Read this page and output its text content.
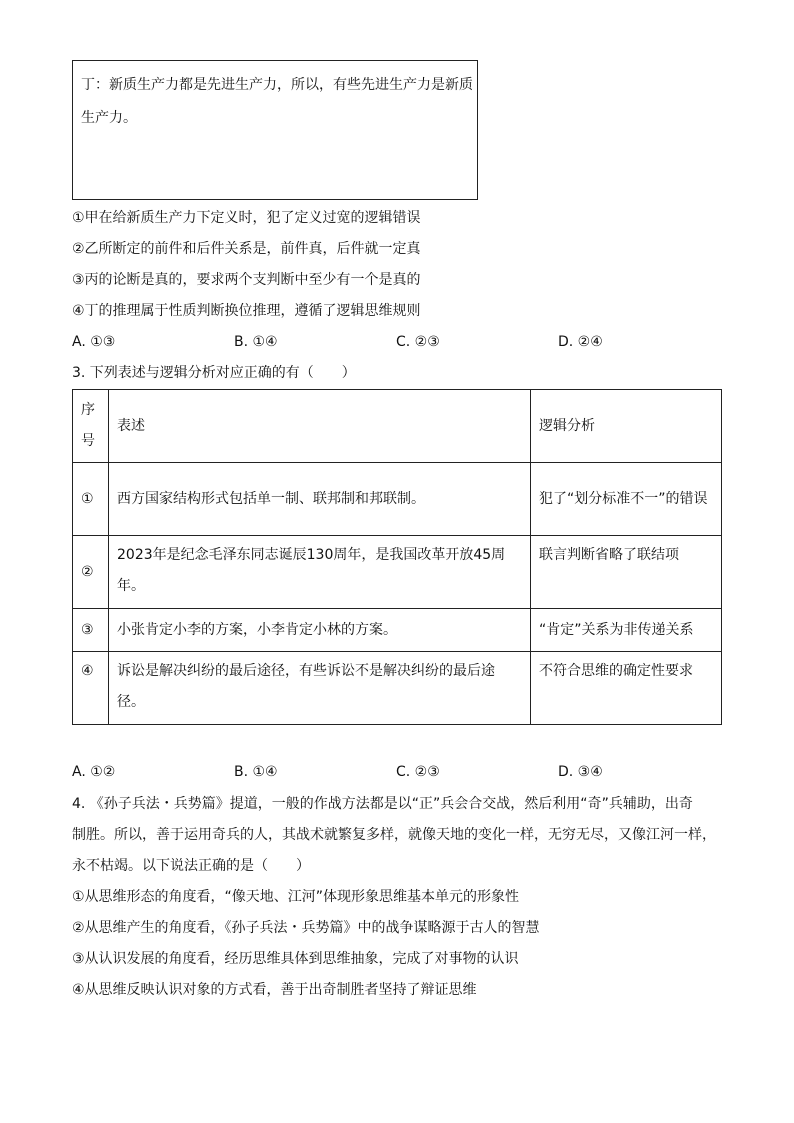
丁：新质生产力都是先进生产力，所以，有些先进生产力是新质生产力。
①甲在给新质生产力下定义时，犯了定义过宽的逻辑错误
②乙所断定的前件和后件关系是，前件真，后件就一定真
③丙的论断是真的，要求两个支判断中至少有一个是真的
④丁的推理属于性质判断换位推理，遵循了逻辑思维规则
A. ①③	B. ①④	C. ②③	D. ②④
3. 下列表述与逻辑分析对应正确的有（　　）
序号	表述	逻辑分析
①	西方国家结构形式包括单一制、联邦制和邦联制。	犯了“划分标准不一”的错误
②	2023年是纪念毛泽东同志诞辰130周年，是我国改革开放45周年。	联言判断省略了联结项
③	小张肯定小李的方案，小李肯定小林的方案。	“肯定”关系为非传递关系
④	诉讼是解决纠纷的最后途径，有些诉讼不是解决纠纷的最后途径。	不符合思维的确定性要求
A. ①②	B. ①④	C. ②③	D. ③④
4. 《孙子兵法・兵势篇》提道，一般的作战方法都是以“正”兵会合交战，然后利用“奇”兵辅助，出奇
制胜。所以，善于运用奇兵的人，其战术就繁复多样，就像天地的变化一样，无穷无尽，又像江河一样，
永不枯竭。以下说法正确的是（　　）
①从思维形态的角度看，“像天地、江河”体现形象思维基本单元的形象性
②从思维产生的角度看，《孙子兵法・兵势篇》中的战争谋略源于古人的智慧
③从认识发展的角度看，经历思维具体到思维抽象，完成了对事物的认识
④从思维反映认识对象的方式看，善于出奇制胜者坚持了辩证思维
